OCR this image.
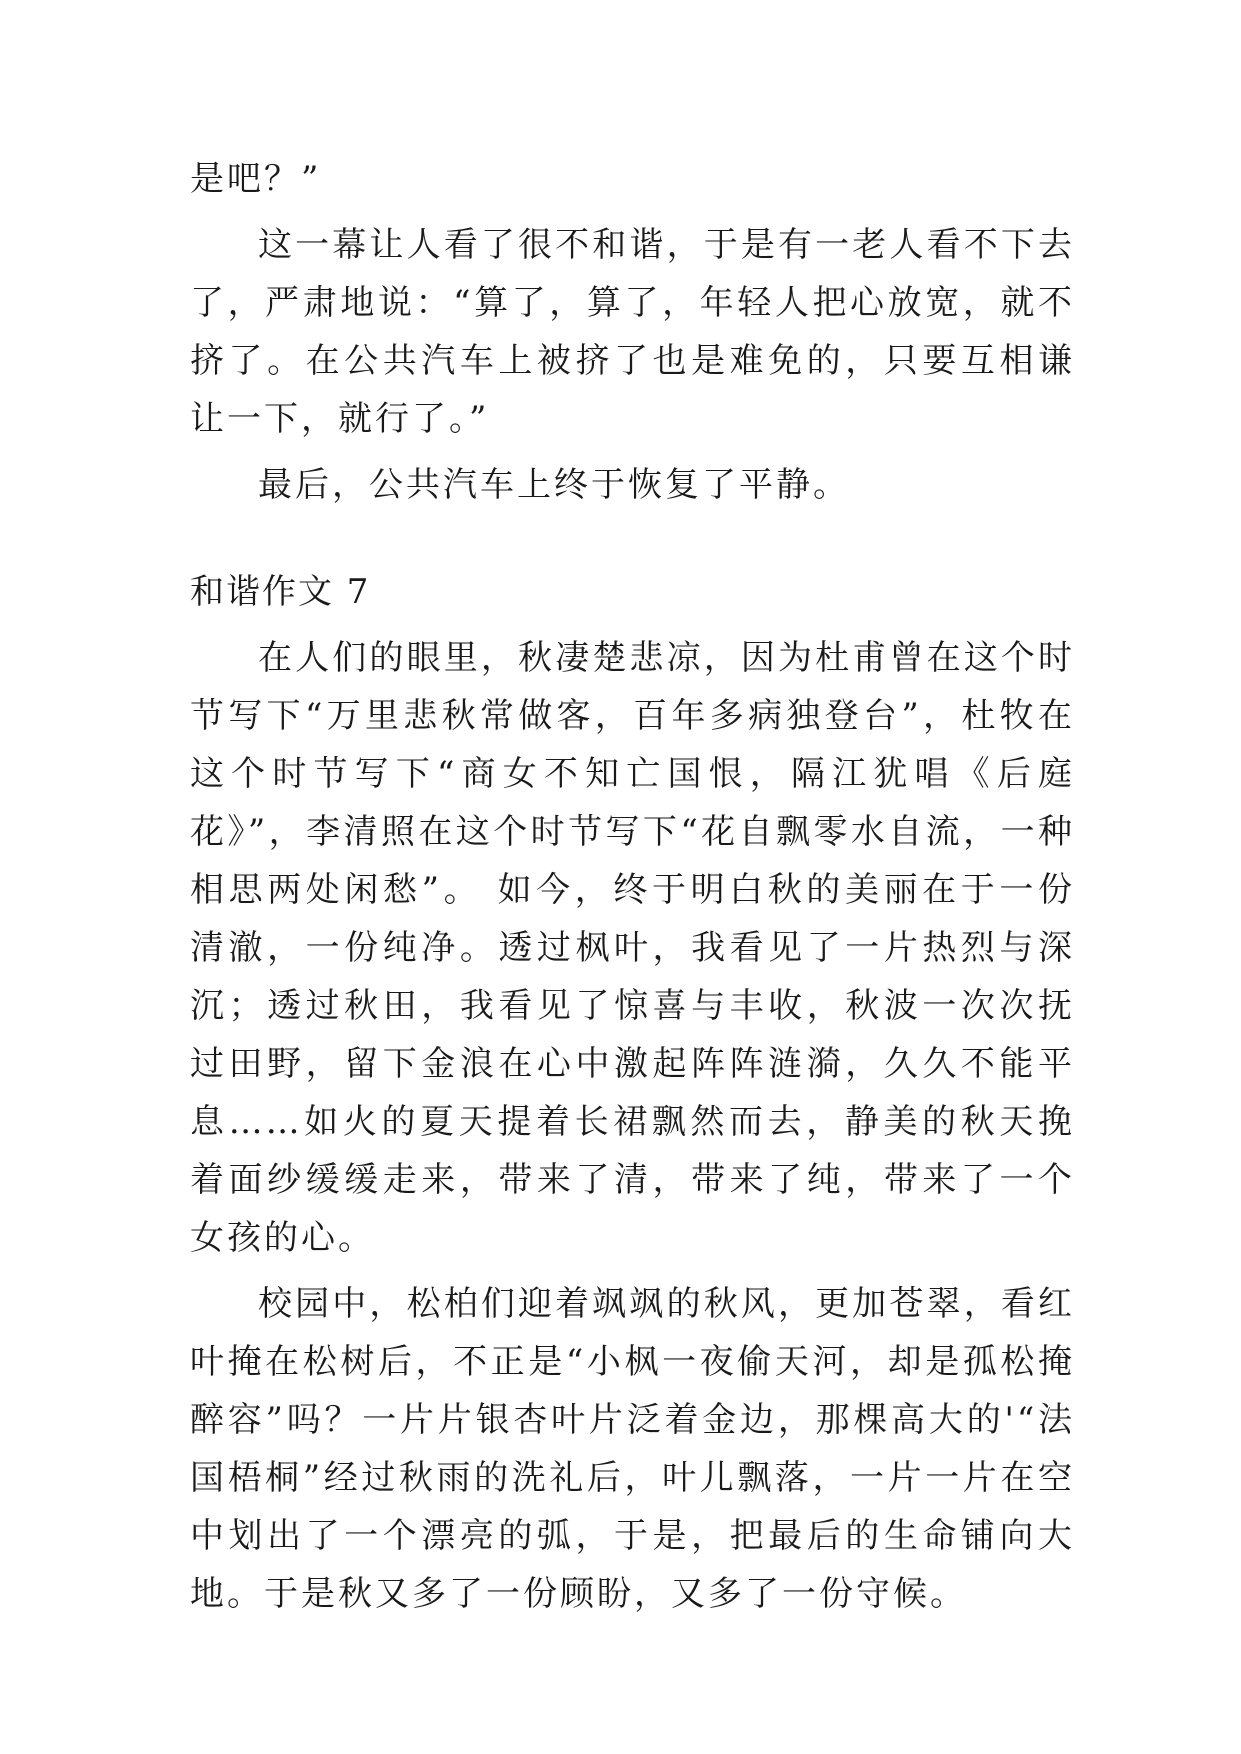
是吧？”

这一幕让人看了很不和谐，于是有一老人看不下去了，严肃地说：“算了，算了，年轻人把心放宽，就不挤了。在公共汽车上被挤了也是难免的，只要互相谦让一下，就行了。”

最后，公共汽车上终于恢复了平静。

和谐作文 7

在人们的眼里，秋凄楚悲凉，因为杜甫曾在这个时节写下“万里悲秋常做客，百年多病独登台”，杜牧在这个时节写下“商女不知亡国恨，隔江犹唱《后庭花》”，李清照在这个时节写下“花自飘零水自流，一种相思两处闲愁”。 如今，终于明白秋的美丽在于一份清澈，一份纯净。透过枫叶，我看见了一片热烈与深沉；透过秋田，我看见了惊喜与丰收，秋波一次次抚过田野，留下金浪在心中激起阵阵涟漪，久久不能平息……如火的夏天提着长裙飘然而去，静美的秋天挽着面纱缓缓走来，带来了清，带来了纯，带来了一个女孩的心。

校园中，松柏们迎着飒飒的秋风，更加苍翠，看红叶掩在松树后，不正是“小枫一夜偷天河，却是孤松掩醉容”吗？一片片银杏叶片泛着金边，那棵高大的'“法国梧桐”经过秋雨的洗礼后，叶儿飘落，一片一片在空中划出了一个漂亮的弧，于是，把最后的生命铺向大地。于是秋又多了一份顾盼，又多了一份守候。
